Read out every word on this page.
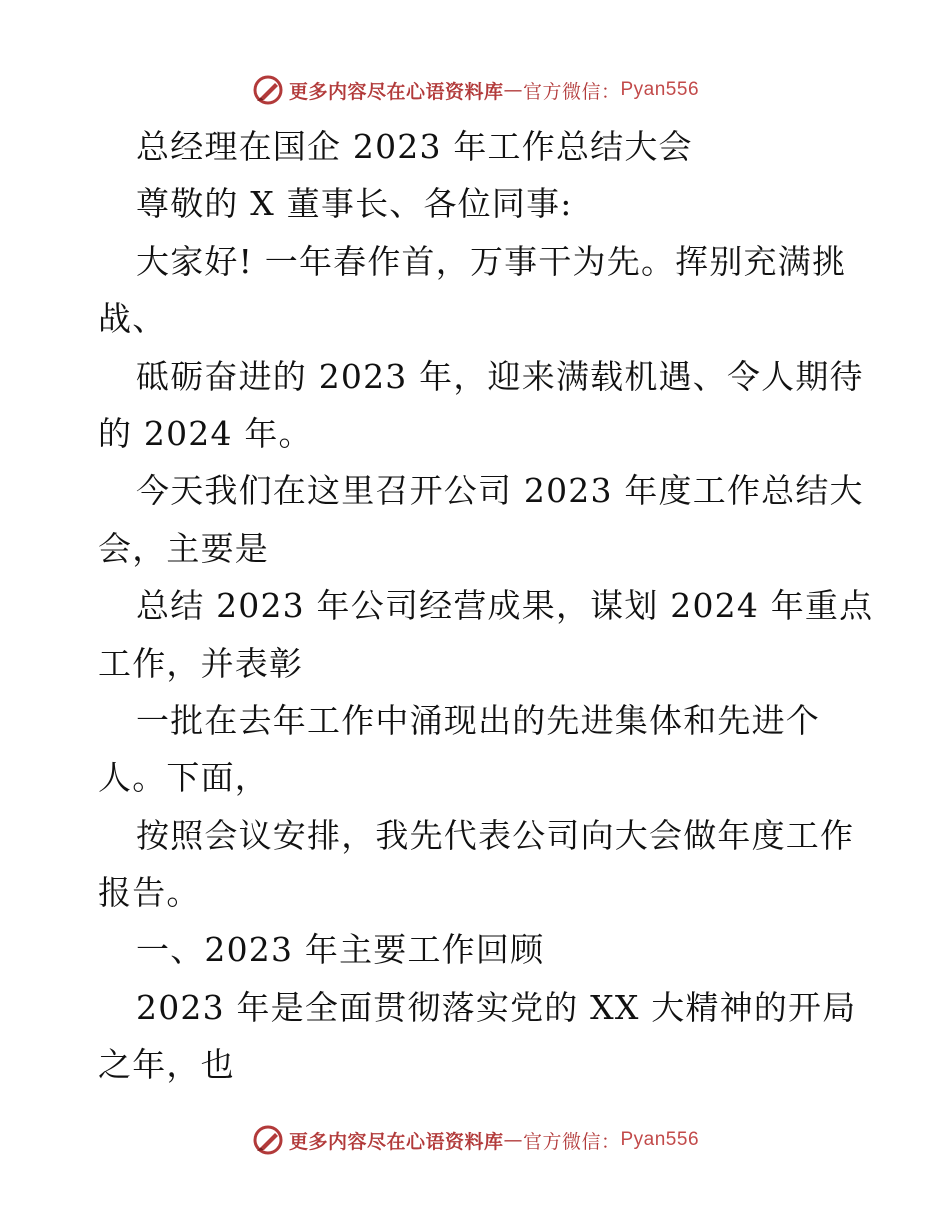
更多内容尽在心语资料库 — 官方微信： Pyan556
总经理在国企 2023 年工作总结大会
尊敬的 X 董事长、各位同事:
大家好! 一年春作首，万事干为先。挥别充满挑
战、
砥砺奋进的 2023 年，迎来满载机遇、令人期待
的 2024 年。
今天我们在这里召开公司 2023 年度工作总结大
会，主要是
总结 2023 年公司经营成果，谋划 2024 年重点
工作，并表彰
一批在去年工作中涌现出的先进集体和先进个
人。下面，
按照会议安排，我先代表公司向大会做年度工作
报告。
一、2023 年主要工作回顾
2023 年是全面贯彻落实党的 XX 大精神的开局
之年，也
更多内容尽在心语资料库 — 官方微信： Pyan556
